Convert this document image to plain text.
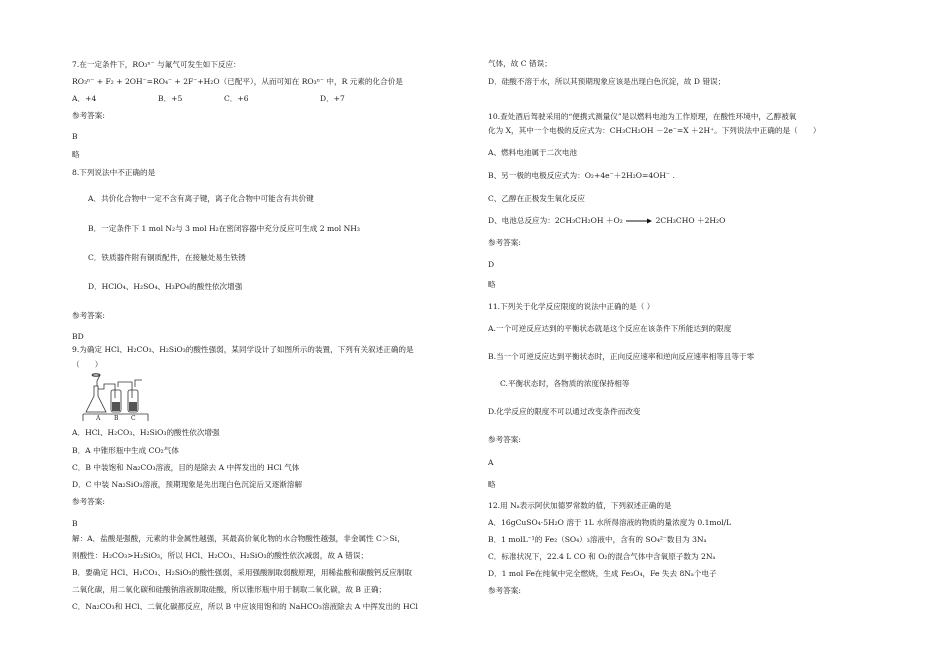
7.在一定条件下，RO₃ⁿ⁻ 与氟气可发生如下反应：
RO₃ⁿ⁻ + F₂ + 2OH⁻=RO₄⁻ + 2F⁻+H₂O（已配平），从而可知在 RO₃ⁿ⁻ 中，R 元素的化合价是
A．+4	B．+5	C．+6	D．+7
参考答案:
B
略
8.下列说法中不正确的是
A．共价化合物中一定不含有离子键，离子化合物中可能含有共价键
B．一定条件下 1 mol N₂与 3 mol H₂在密闭容器中充分反应可生成 2 mol NH₃
C．铁质器件附有铜质配件，在接触处易生铁锈
D．HClO₄、H₂SO₄、H₃PO₄的酸性依次增强
参考答案:
BD
9.为确定 HCl、H₂CO₃、H₂SiO₃的酸性强弱，某同学设计了如图所示的装置，下列有关叙述正确的是
（　　）
A B C
A．HCl、H₂CO₃、H₂SiO₃的酸性依次增强
B．A 中锥形瓶中生成 CO₂气体
C．B 中装饱和 Na₂CO₃溶液，目的是除去 A 中挥发出的 HCl 气体
D．C 中装 Na₂SiO₃溶液，预期现象是先出现白色沉淀后又逐渐溶解
参考答案:
B
解：A．盐酸是强酸，元素的非金属性越强，其最高价氧化物的水合物酸性越强，非金属性 C＞Si，
则酸性：H₂CO₃>H₂SiO₃，所以 HCl、H₂CO₃、H₂SiO₃的酸性依次减弱，故 A 错误；
B．要确定 HCl、H₂CO₃、H₂SiO₃的酸性强弱，采用强酸制取弱酸原理，用稀盐酸和碳酸钙反应制取
二氧化碳，用二氧化碳和硅酸钠溶液制取硅酸，所以锥形瓶中用于制取二氧化碳，故 B 正确；
C．Na₂CO₃和 HCl、二氧化碳都反应，所以 B 中应该用饱和的 NaHCO₃溶液除去 A 中挥发出的 HCl
气体，故 C 错误；
D．硅酸不溶于水，所以其预期现象应该是出现白色沉淀，故 D 错误；
10.查处酒后驾驶采用的“便携式测量仪”是以燃料电池为工作原理，在酸性环境中，乙醇被氧
化为 X，其中一个电极的反应式为：CH₃CH₂OH －2e⁻=X ＋2H⁺。下列说法中正确的是（　　）
A、燃料电池属于二次电池
B、另一极的电极反应式为：O₂+4e⁻＋2H₂O=4OH⁻ .
C、乙醇在正极发生氧化反应
D、电池总反应为：2CH₃CH₂OH ＋O₂ → 2CH₃CHO ＋2H₂O
参考答案:
D
略
11.下列关于化学反应限度的说法中正确的是（ ）
A.一个可逆反应达到的平衡状态就是这个反应在该条件下所能达到的限度
B.当一个可逆反应达到平衡状态时，正向反应速率和逆向反应速率相等且等于零
C.平衡状态时，各物质的浓度保持相等
D.化学反应的限度不可以通过改变条件而改变
参考答案:
A
略
12.用 Nₐ表示阿伏加德罗常数的值，下列叙述正确的是
A．16gCuSO₄·5H₂O 溶于 1L 水所得溶液的物质的量浓度为 0.1mol/L
B．1 molL⁻¹的 Fe₂（SO₄）₃溶液中，含有的 SO₄²⁻数目为 3Nₐ
C．标准状况下，22.4 L CO 和 O₂的混合气体中含氧原子数为 2Nₐ
D．1 mol Fe在纯氧中完全燃烧，生成 Fe₃O₄，Fe 失去 8Nₐ个电子
参考答案:
